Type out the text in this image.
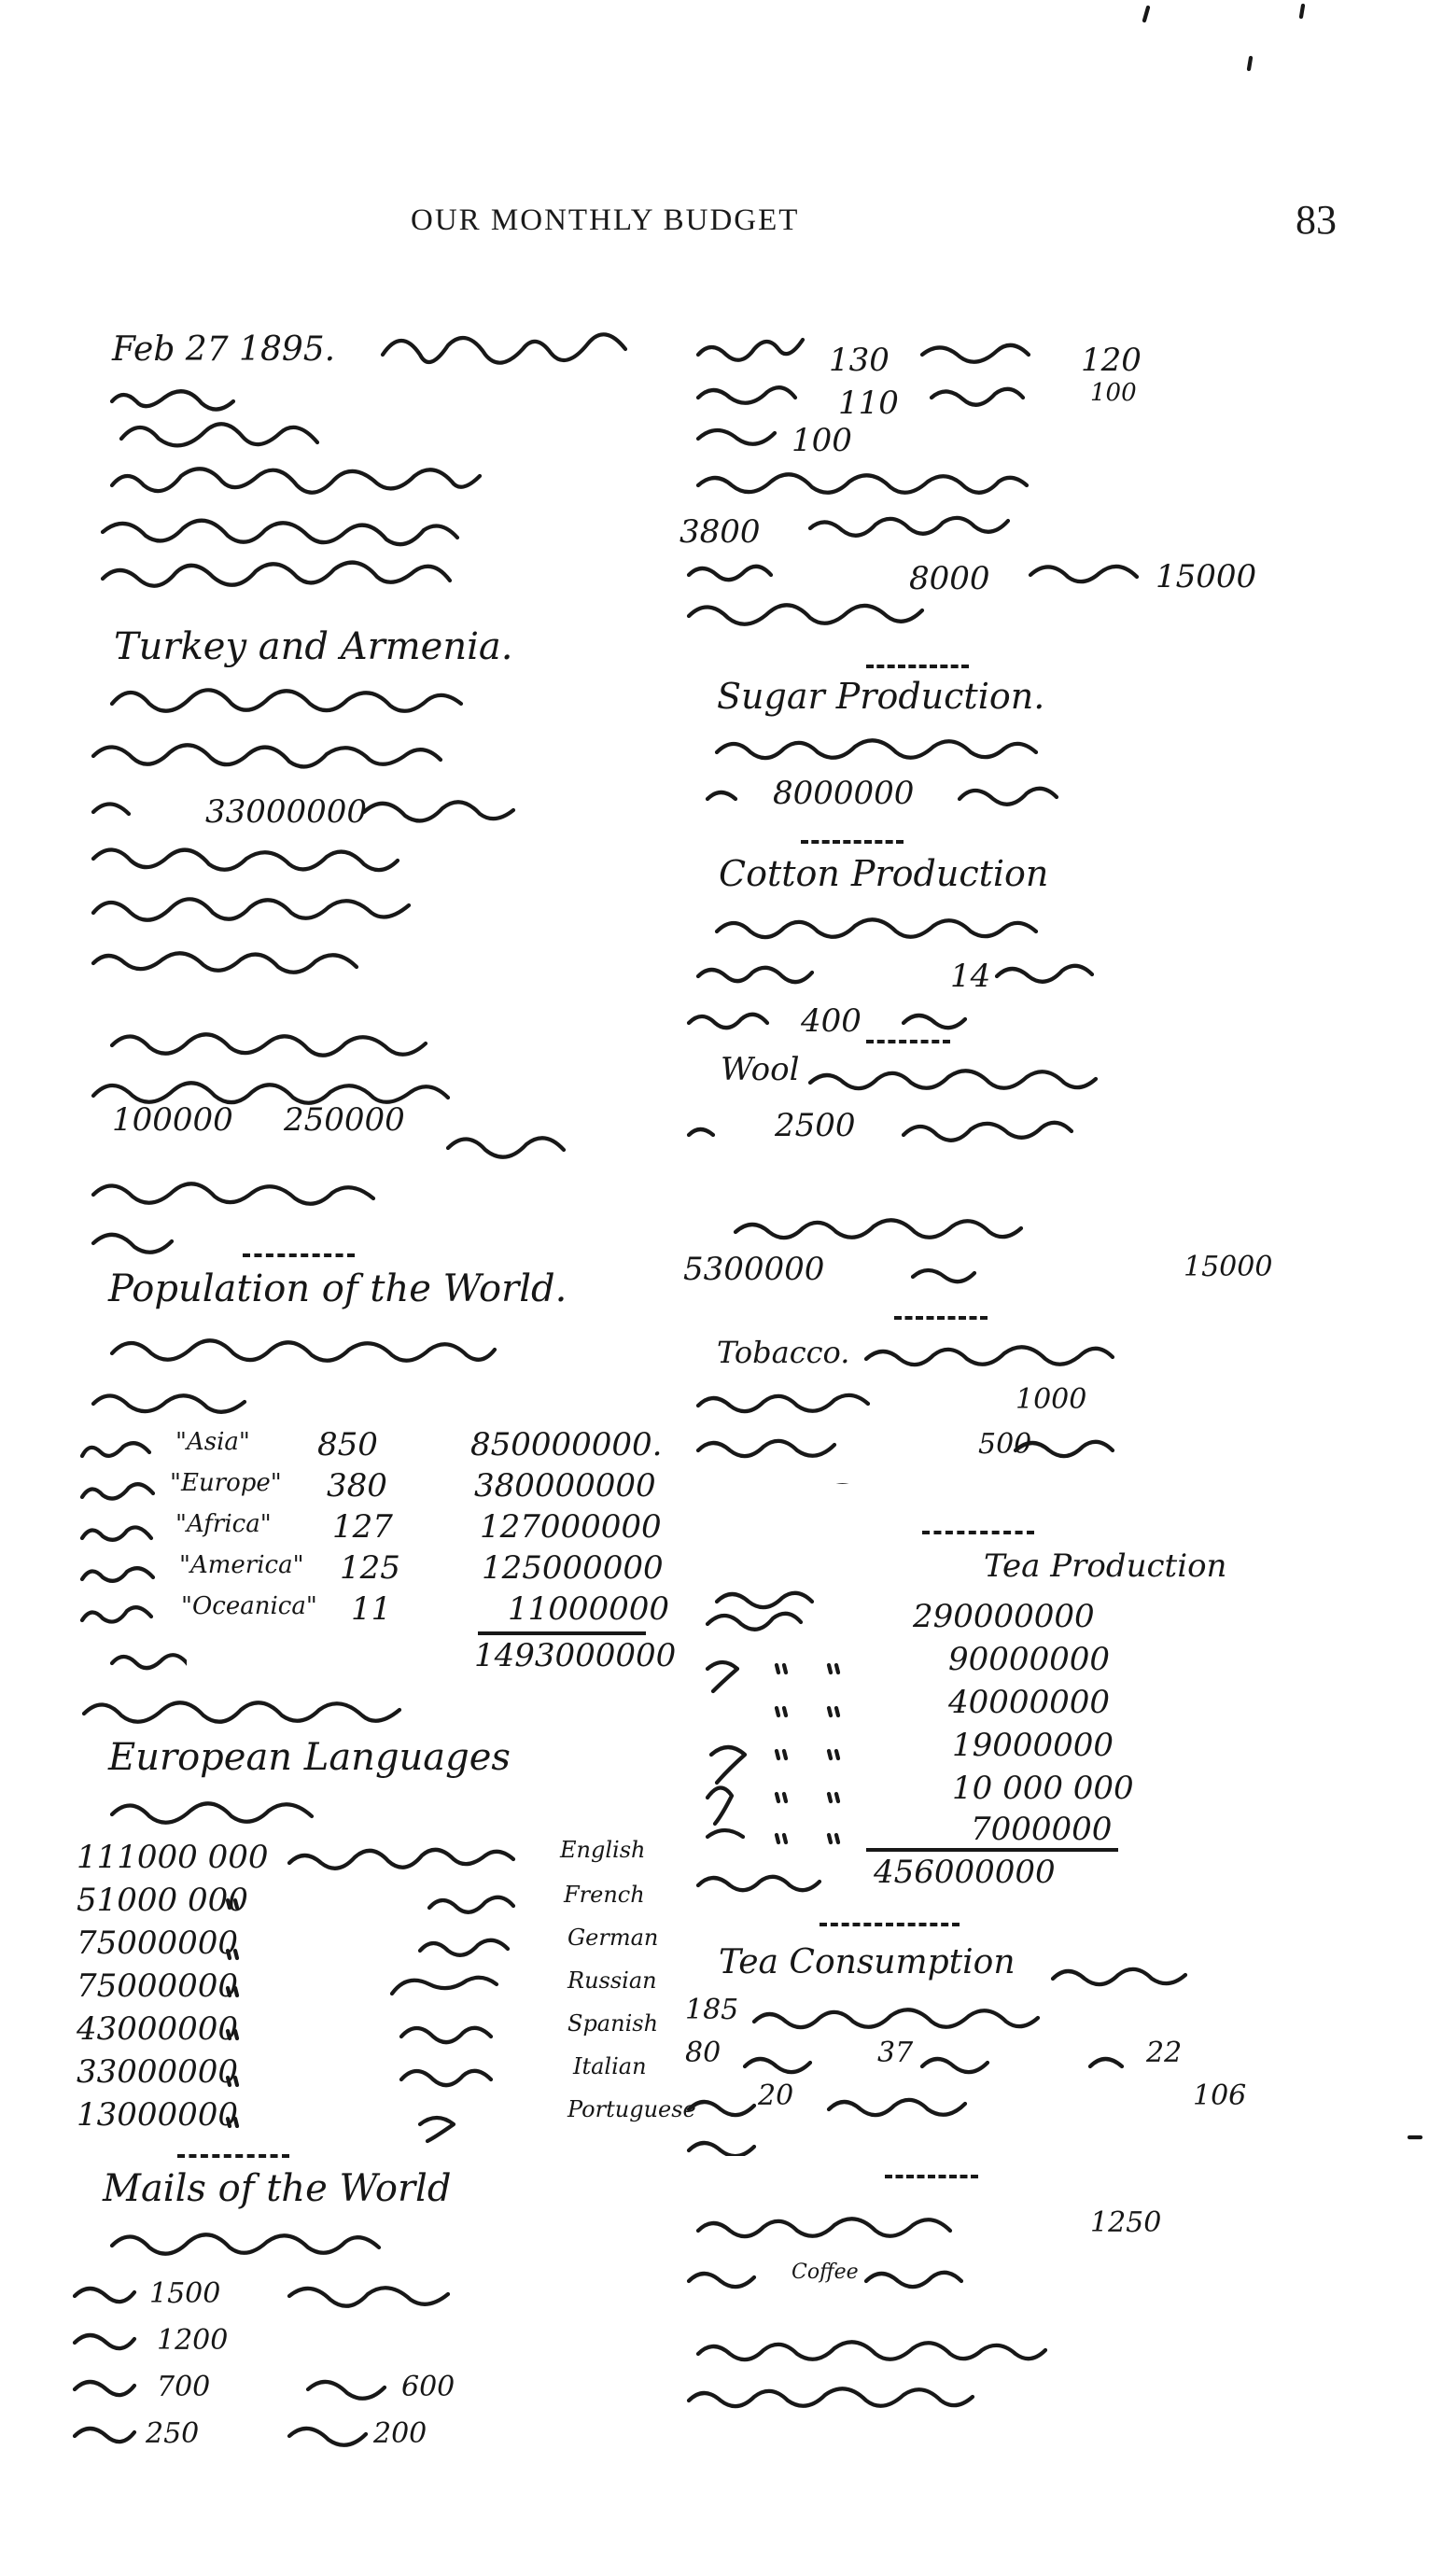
OUR MONTHLY BUDGET	83
Feb 27 1895.
Turkey and Armenia.
33000000
100000 250000
Population of the World.
"Asia" 850	850000000.
"Europe" 380	380000000
"Africa" 127	127000000
"America" 125	125000000
"Oceanica" 11	11000000
1493000000
European Languages
111000 000	English
51000 000	French
75000000	German
75000000	Russian
43000000	Spanish
33000000	Italian
13000000	Portuguese
Mails of the World
1500
1200
700	600
250	200
130	120
110	100
100
3800
8000	15000
Sugar Production.
8000000
Cotton Production
14
400
Wool
2500
5300000	15000
Tobacco.
1000
500
Tea Production
290000000
90000000
40000000
19000000
10 000 000
7000000
456000000
Tea Consumption
185
80	37	22
20	106
1250
Coffee
